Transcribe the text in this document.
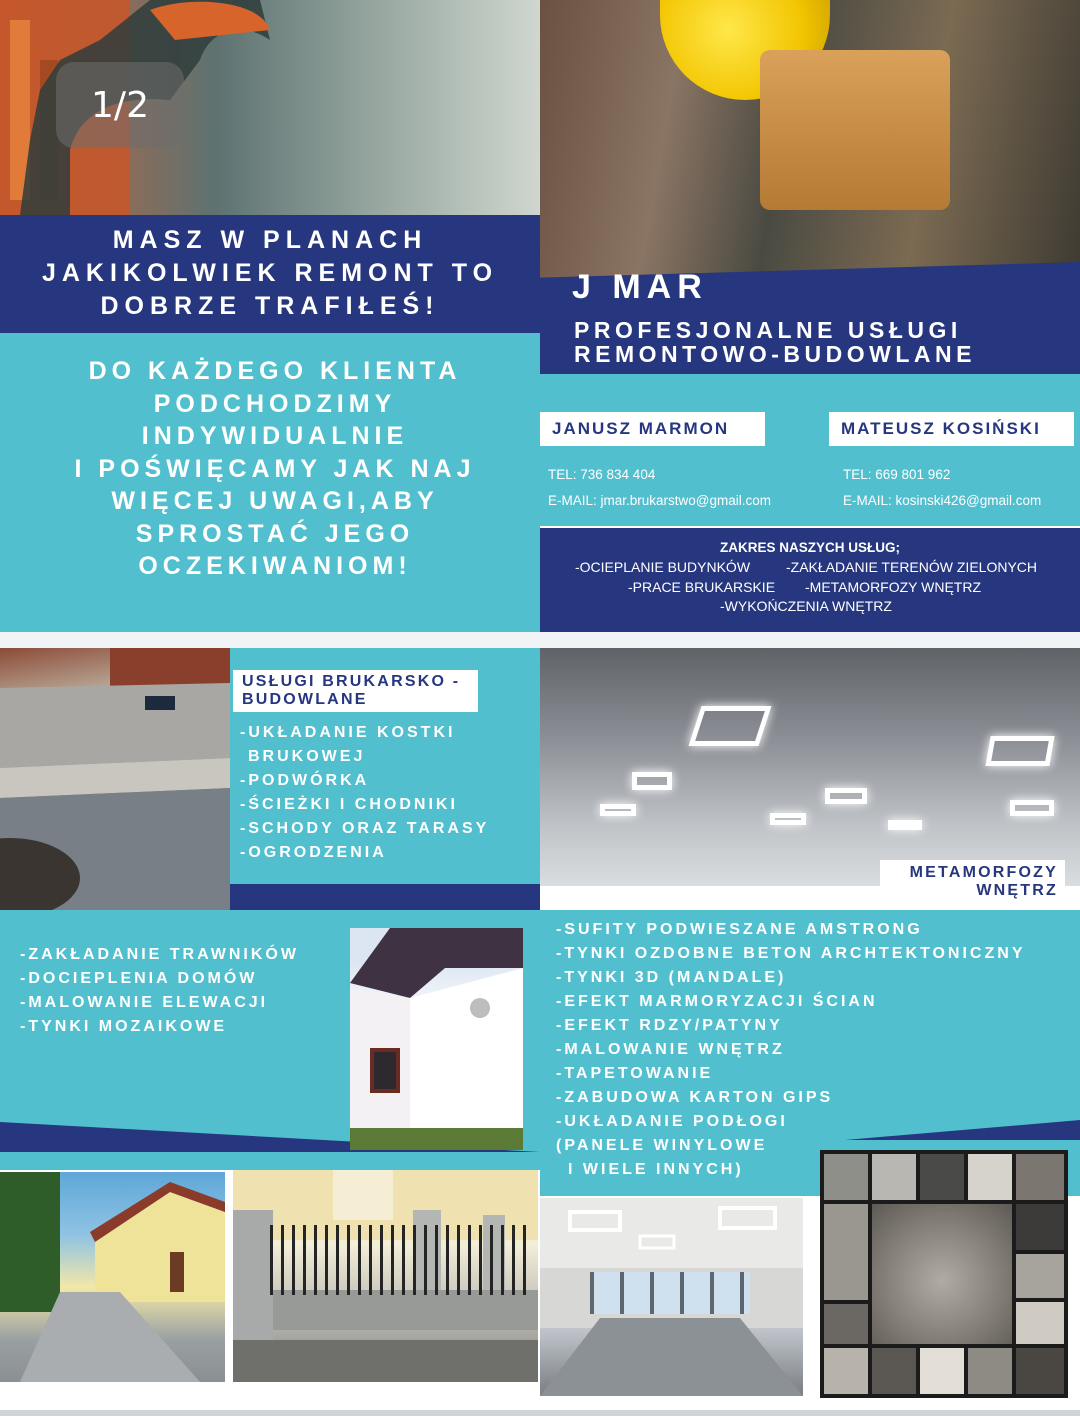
1/2
MASZ W PLANACH
JAKIKOLWIEK REMONT TO
DOBRZE TRAFIŁEŚ!
DO KAŻDEGO KLIENTA
PODCHODZIMY
INDYWIDUALNIE
I POŚWIĘCAMY JAK NAJ
WIĘCEJ UWAGI,ABY
SPROSTAĆ JEGO
OCZEKIWANIOM!
J MAR
PROFESJONALNE USŁUGI
REMONTOWO-BUDOWLANE
JANUSZ MARMON	MATEUSZ KOSIŃSKI
TEL: 736 834 404
E-MAIL: jmar.brukarstwo@gmail.com
TEL: 669 801 962
E-MAIL: kosinski426@gmail.com
ZAKRES NASZYCH USŁUG;
-OCIEPLANIE BUDYNKÓW	-ZAKŁADANIE TERENÓW ZIELONYCH
-PRACE BRUKARSKIE -METAMORFOZY WNĘTRZ
-WYKOŃCZENIA WNĘTRZ
USŁUGI BRUKARSKO - BUDOWLANE
-UKŁADANIE KOSTKI
BRUKOWEJ
-PODWÓRKA
-ŚCIEŻKI I CHODNIKI
-SCHODY ORAZ TARASY
-OGRODZENIA
METAMORFOZY
WNĘTRZ
-ZAKŁADANIE TRAWNIKÓW
-DOCIEPLENIA DOMÓW
-MALOWANIE ELEWACJI
-TYNKI MOZAIKOWE
-SUFITY PODWIESZANE AMSTRONG
-TYNKI OZDOBNE BETON ARCHTEKTONICZNY
-TYNKI 3D (MANDALE)
-EFEKT MARMORYZACJI ŚCIAN
-EFEKT RDZY/PATYNY
-MALOWANIE WNĘTRZ
-TAPETOWANIE
-ZABUDOWA KARTON GIPS
-UKŁADANIE PODŁOGI
(PANELE WINYLOWE
I WIELE INNYCH)
